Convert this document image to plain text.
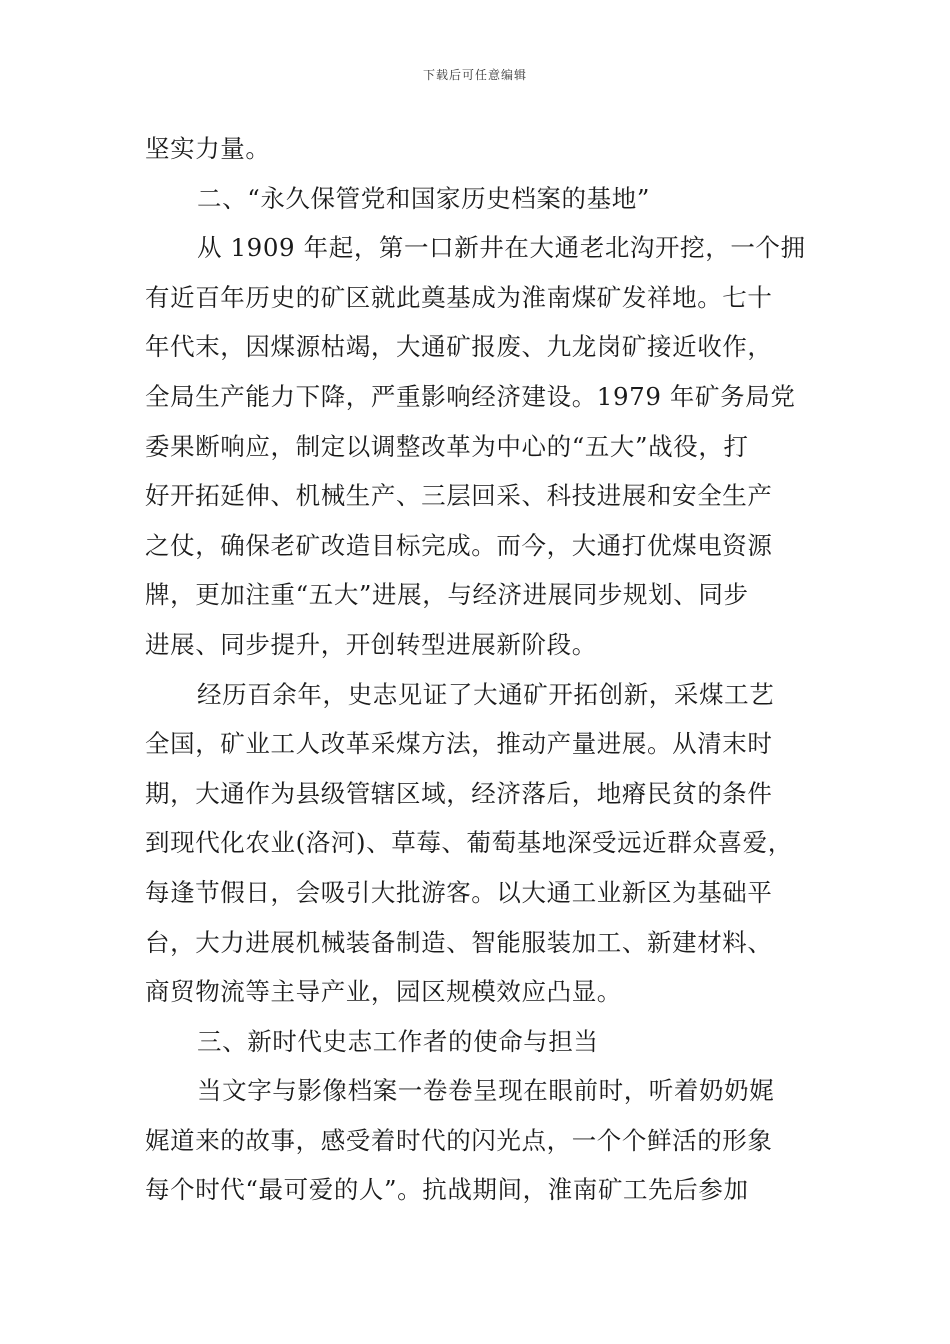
下载后可任意编辑
坚实力量。
二、“永久保管党和国家历史档案的基地”
从 1909 年起，第一口新井在大通老北沟开挖，一个拥
有近百年历史的矿区就此奠基成为淮南煤矿发祥地。七十
年代末，因煤源枯竭，大通矿报废、九龙岗矿接近收作，
全局生产能力下降，严重影响经济建设。1979 年矿务局党
委果断响应，制定以调整改革为中心的“五大”战役，打
好开拓延伸、机械生产、三层回采、科技进展和安全生产
之仗，确保老矿改造目标完成。而今，大通打优煤电资源
牌，更加注重“五大”进展，与经济进展同步规划、同步
进展、同步提升，开创转型进展新阶段。
经历百余年，史志见证了大通矿开拓创新，采煤工艺
全国，矿业工人改革采煤方法，推动产量进展。从清末时
期，大通作为县级管辖区域，经济落后，地瘠民贫的条件
到现代化农业(洛河)、草莓、葡萄基地深受远近群众喜爱，
每逢节假日，会吸引大批游客。以大通工业新区为基础平
台，大力进展机械装备制造、智能服装加工、新建材料、
商贸物流等主导产业，园区规模效应凸显。
三、新时代史志工作者的使命与担当
当文字与影像档案一卷卷呈现在眼前时，听着奶奶娓
娓道来的故事，感受着时代的闪光点，一个个鲜活的形象
每个时代“最可爱的人”。抗战期间，淮南矿工先后参加
